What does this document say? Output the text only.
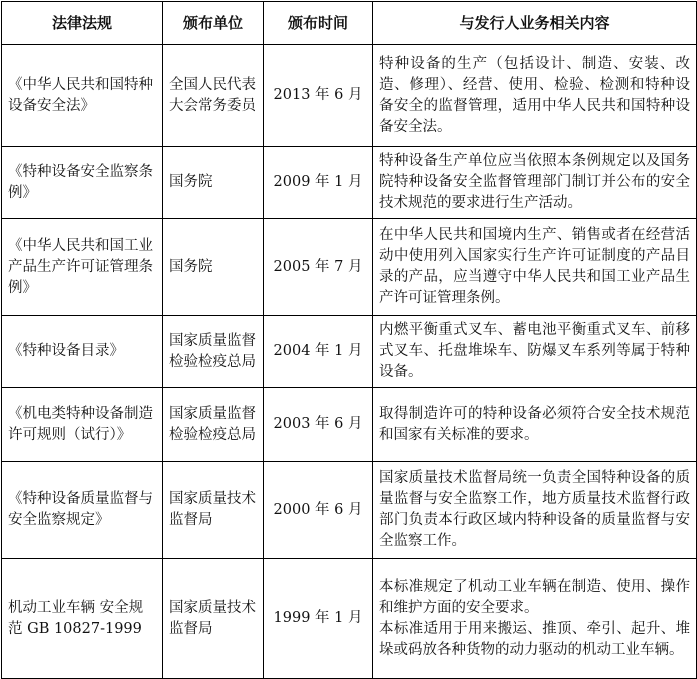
法律法规	颁布单位	颁布时间	与发行人业务相关内容
《中华人民共和国特种设备安全法》	全国人民代表大会常务委员	2013 年 6 月	特种设备的生产（包括设计、制造、安装、改造、修理）、经营、使用、检验、检测和特种设备安全的监督管理，适用中华人民共和国特种设备安全法。

《特种设备安全监察条例》	国务院	2009 年 1 月	特种设备生产单位应当依照本条例规定以及国务院特种设备安全监督管理部门制订并公布的安全技术规范的要求进行生产活动。

《中华人民共和国工业产品生产许可证管理条例》	国务院	2005 年 7 月	在中华人民共和国境内生产、销售或者在经营活动中使用列入国家实行生产许可证制度的产品目录的产品，应当遵守中华人民共和国工业产品生产许可证管理条例。

《特种设备目录》	国家质量监督检验检疫总局	2004 年 1 月	内燃平衡重式叉车、蓄电池平衡重式叉车、前移式叉车、托盘堆垛车、防爆叉车系列等属于特种设备。

《机电类特种设备制造许可规则（试行）》	国家质量监督检验检疫总局	2003 年 6 月	取得制造许可的特种设备必须符合安全技术规范和国家有关标准的要求。

《特种设备质量监督与安全监察规定》	国家质量技术监督局	2000 年 6 月	国家质量技术监督局统一负责全国特种设备的质量监督与安全监察工作，地方质量技术监督行政部门负责本行政区域内特种设备的质量监督与安全监察工作。

机动工业车辆 安全规范 GB 10827-1999	国家质量技术监督局	1999 年 1 月	本标准规定了机动工业车辆在制造、使用、操作和维护方面的安全要求。

本标准适用于用来搬运、推顶、牵引、起升、堆垛或码放各种货物的动力驱动的机动工业车辆。
